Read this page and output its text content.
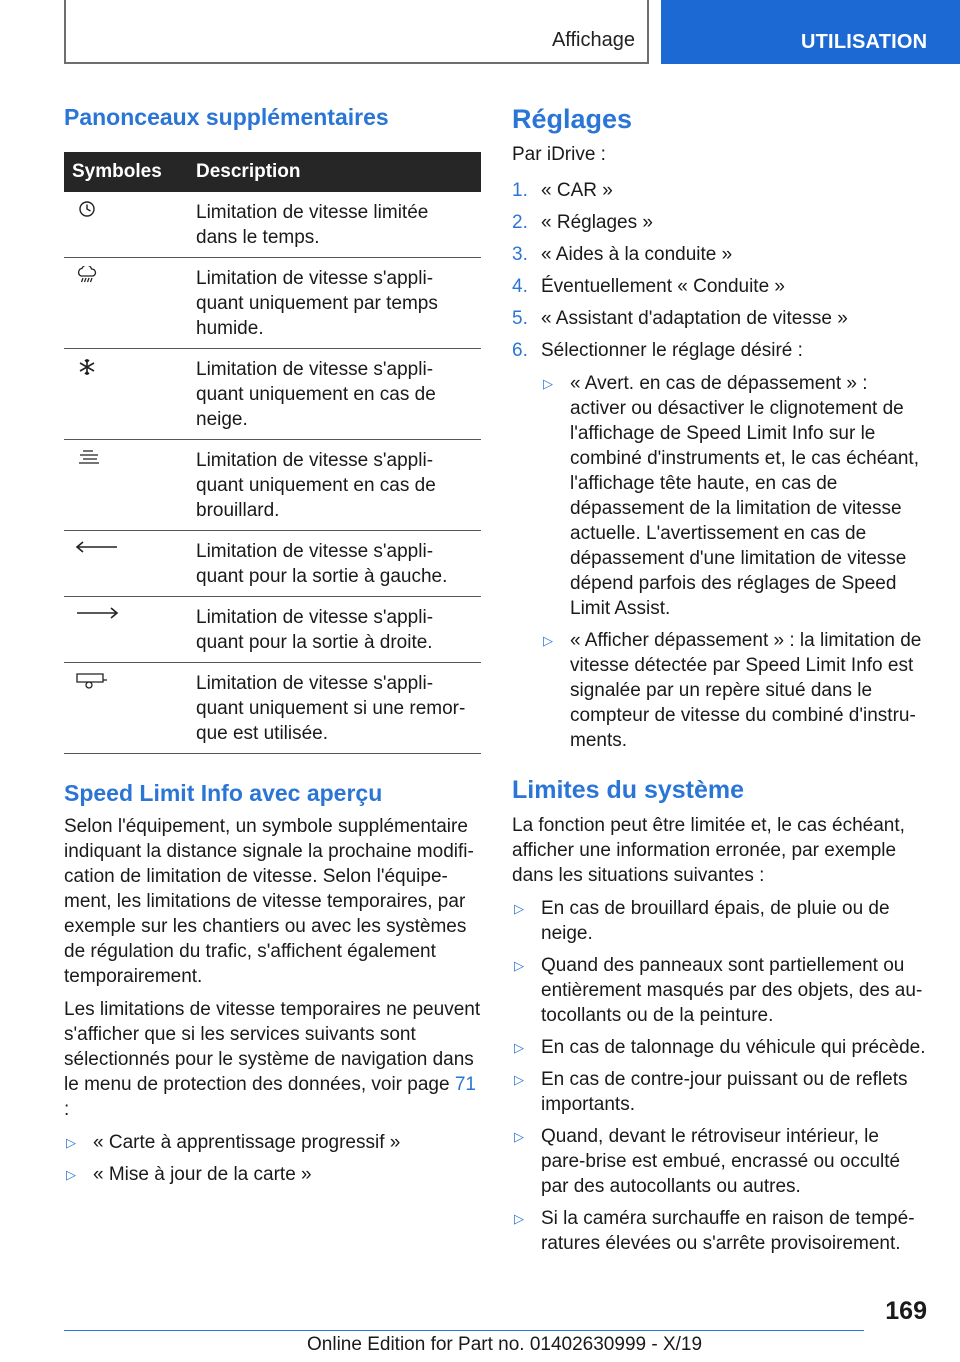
Affichage	UTILISATION
Panonceaux supplémentaires
Symboles	Description

	Limitation de vitesse limitée dans le temps.

	Limitation de vitesse s'appliquant uniquement par temps humide.

	Limitation de vitesse s'appliquant uniquement en cas de neige.

	Limitation de vitesse s'appliquant uniquement en cas de brouillard.

	Limitation de vitesse s'appliquant pour la sortie à gauche.

	Limitation de vitesse s'appliquant pour la sortie à droite.

	Limitation de vitesse s'appliquant uniquement si une remorque est utilisée.
Speed Limit Info avec aperçu

Selon l'équipement, un symbole supplémentaire indiquant la distance signale la prochaine modification de limitation de vitesse. Selon l'équipement, les limitations de vitesse temporaires, par exemple sur les chantiers ou avec les systèmes de régulation du trafic, s'affichent également temporairement.

Les limitations de vitesse temporaires ne peuvent s'afficher que si les services suivants sont sélectionnés pour le système de navigation dans le menu de protection des données, voir page 71 :

▷ « Carte à apprentissage progressif »
▷ « Mise à jour de la carte »
Réglages

Par iDrive :

1. « CAR »
2. « Réglages »
3. « Aides à la conduite »
4. Éventuellement « Conduite »
5. « Assistant d'adaptation de vitesse »
6. Sélectionner le réglage désiré :
▷ « Avert. en cas de dépassement » : activer ou désactiver le clignotement de l'affichage de Speed Limit Info sur le combiné d'instruments et, le cas échéant, l'affichage tête haute, en cas de dépassement de la limitation de vitesse actuelle. L'avertissement en cas de dépassement d'une limitation de vitesse dépend parfois des réglages de Speed Limit Assist.
▷ « Afficher dépassement » : la limitation de vitesse détectée par Speed Limit Info est signalée par un repère situé dans le compteur de vitesse du combiné d'instruments.
Limites du système

La fonction peut être limitée et, le cas échéant, afficher une information erronée, par exemple dans les situations suivantes :

▷ En cas de brouillard épais, de pluie ou de neige.
▷ Quand des panneaux sont partiellement ou entièrement masqués par des objets, des autocollants ou de la peinture.
▷ En cas de talonnage du véhicule qui précède.
▷ En cas de contre-jour puissant ou de reflets importants.
▷ Quand, devant le rétroviseur intérieur, le pare-brise est embué, encrassé ou occulté par des autocollants ou autres.
▷ Si la caméra surchauffe en raison de températures élevées ou s'arrête provisoirement.
169
Online Edition for Part no. 01402630999 - X/19
